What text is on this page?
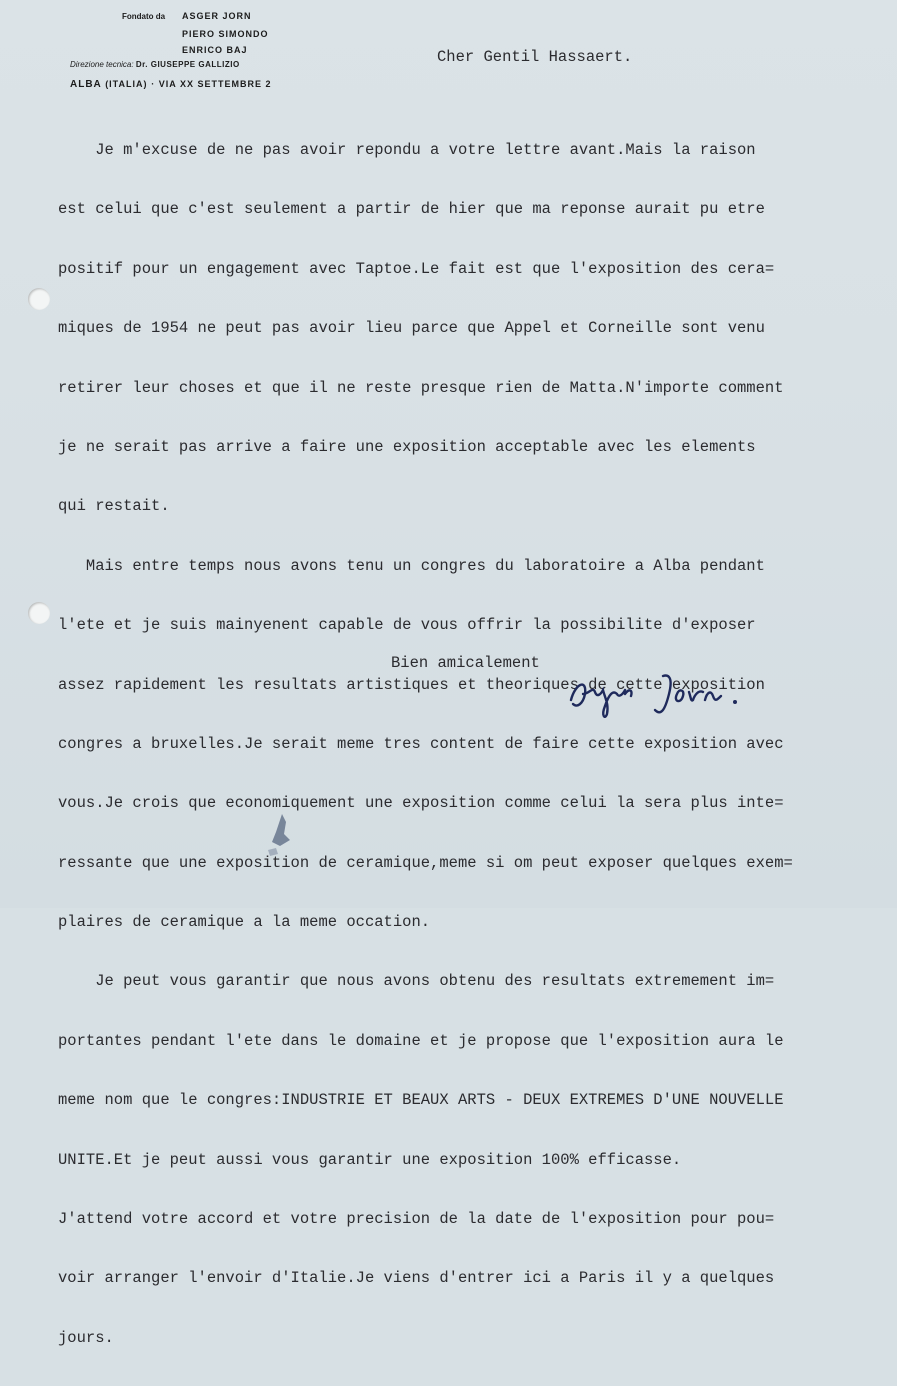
Fondato da ASGER JORN
PIERO SIMONDO
ENRICO BAJ
Direzione tecnica: Dr. GIUSEPPE GALLIZIO
ALBA (ITALIA) · VIA XX SETTEMBRE 2
Cher Gentil Hassaert.

Je m'excuse de ne pas avoir repondu a votre lettre avant.Mais la raison

est celui que c'est seulement a partir de hier que ma reponse aurait pu etre

positif pour un engagement avec Taptoe.Le fait est que l'exposition des cera=

miques de 1954 ne peut pas avoir lieu parce que Appel et Corneille sont venu

retirer leur choses et que il ne reste presque rien de Matta.N'importe comment

je ne serait pas arrive a faire une exposition acceptable avec les elements

qui restait.

Mais entre temps nous avons tenu un congres du laboratoire a Alba pendant

l'ete et je suis mainyenent capable de vous offrir la possibilite d'exposer

assez rapidement les resultats artistiques et theoriques de cette exposition

congres a bruxelles.Je serait meme tres content de faire cette exposition avec

vous.Je crois que economiquement une exposition comme celui la sera plus inte=

ressante que une exposition de ceramique,meme si om peut exposer quelques exem=

plaires de ceramique a la meme occation.

Je peut vous garantir que nous avons obtenu des resultats extremement im=

portantes pendant l'ete dans le domaine et je propose que l'exposition aura le

meme nom que le congres:INDUSTRIE ET BEAUX ARTS - DEUX EXTREMES D'UNE NOUVELLE

UNITE.Et je peut aussi vous garantir une exposition 100% efficasse.

J'attend votre accord et votre precision de la date de l'exposition pour pou=

voir arranger l'envoir d'Italie.Je viens d'entrer ici a Paris il y a quelques

jours.

Bien amicalement
